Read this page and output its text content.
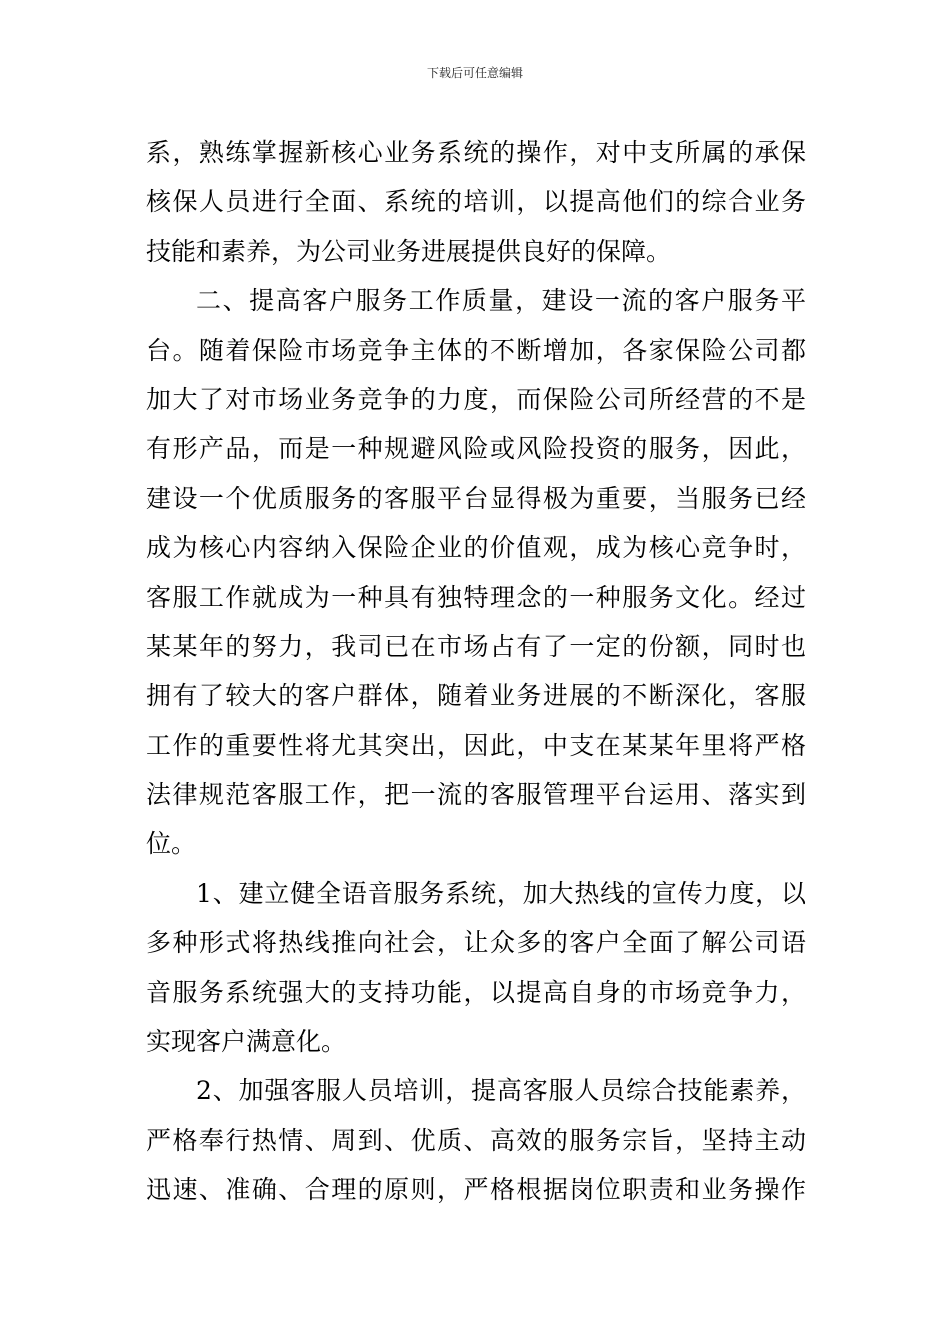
下载后可任意编辑
系，熟练掌握新核心业务系统的操作，对中支所属的承保
核保人员进行全面、系统的培训，以提高他们的综合业务
技能和素养，为公司业务进展提供良好的保障。
二、提高客户服务工作质量，建设一流的客户服务平
台。随着保险市场竞争主体的不断增加，各家保险公司都
加大了对市场业务竞争的力度，而保险公司所经营的不是
有形产品，而是一种规避风险或风险投资的服务，因此，
建设一个优质服务的客服平台显得极为重要，当服务已经
成为核心内容纳入保险企业的价值观，成为核心竞争时，
客服工作就成为一种具有独特理念的一种服务文化。经过
某某年的努力，我司已在市场占有了一定的份额，同时也
拥有了较大的客户群体，随着业务进展的不断深化，客服
工作的重要性将尤其突出，因此，中支在某某年里将严格
法律规范客服工作，把一流的客服管理平台运用、落实到
位。
1、建立健全语音服务系统，加大热线的宣传力度，以
多种形式将热线推向社会，让众多的客户全面了解公司语
音服务系统强大的支持功能，以提高自身的市场竞争力，
实现客户满意化。
2、加强客服人员培训，提高客服人员综合技能素养，
严格奉行热情、周到、优质、高效的服务宗旨，坚持主动
迅速、准确、合理的原则，严格根据岗位职责和业务操作
